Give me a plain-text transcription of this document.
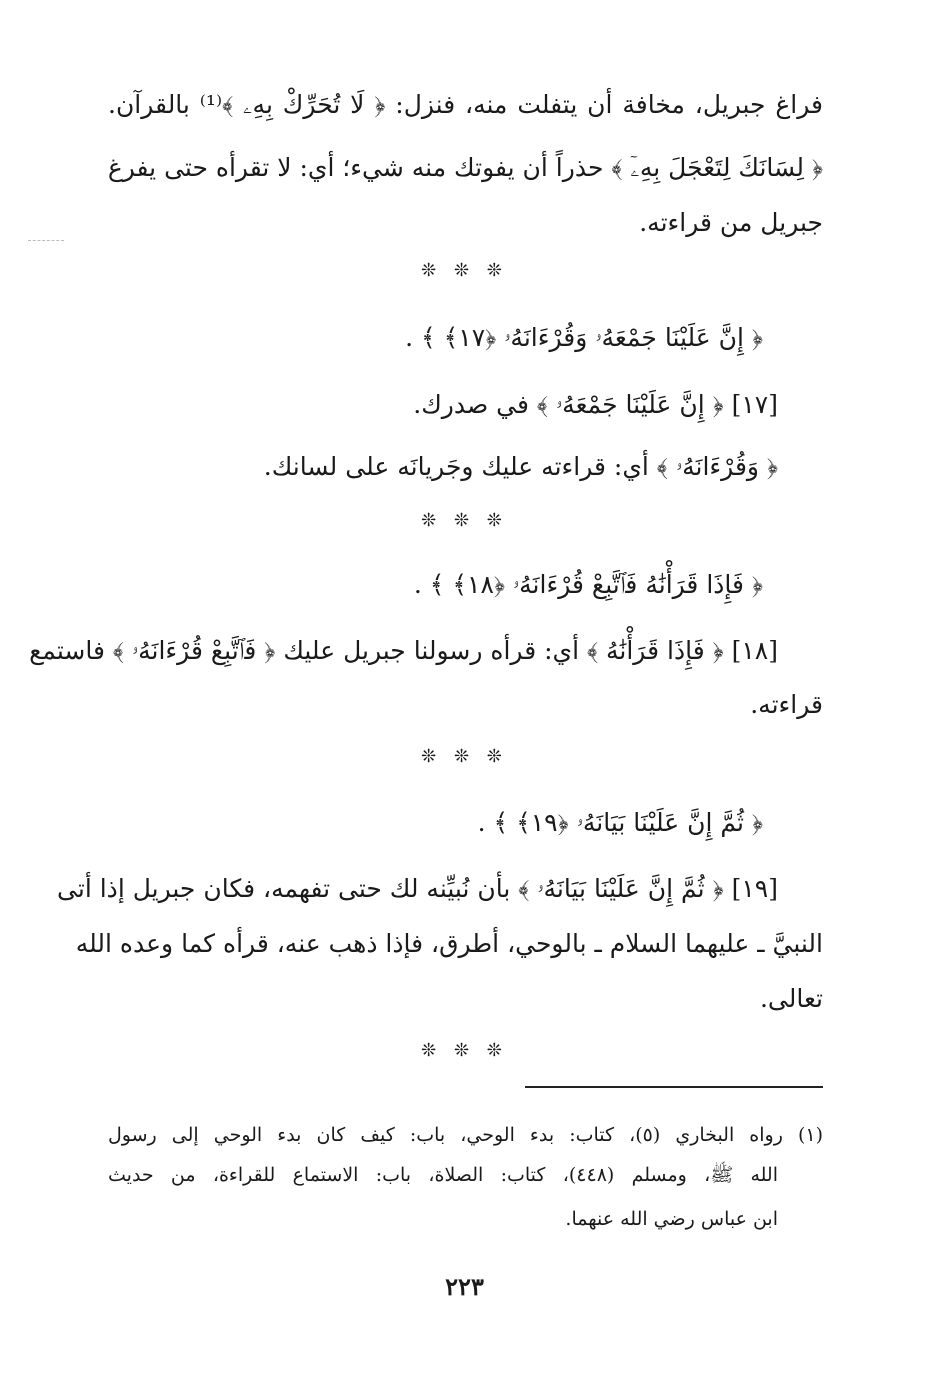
فراغ جبريل، مخافة أن يتفلت منه، فنزل: ﴿ لَا تُحَرِّكْ بِهِۦ ﴾⁽¹⁾ بالقرآن.
﴿ لِسَانَكَ لِتَعْجَلَ بِهِۦٓ ﴾ حذراً أن يفوتك منه شيء؛ أي: لا تقرأه حتى يفرغ
جبريل من قراءته.
❊ ❊ ❊
﴿ إِنَّ عَلَيْنَا جَمْعَهُۥ وَقُرْءَانَهُۥ ﴿١٧﴾ ﴾ .
[١٧] ﴿ إِنَّ عَلَيْنَا جَمْعَهُۥ ﴾ في صدرك.
﴿ وَقُرْءَانَهُۥ ﴾ أي: قراءته عليك وجَريانَه على لسانك.
❊ ❊ ❊
﴿ فَإِذَا قَرَأْنَٰهُ فَٱتَّبِعْ قُرْءَانَهُۥ ﴿١٨﴾ ﴾ .
[١٨] ﴿ فَإِذَا قَرَأْنَٰهُ ﴾ أي: قرأه رسولنا جبريل عليك ﴿ فَٱتَّبِعْ قُرْءَانَهُۥ ﴾ فاستمع
قراءته.
❊ ❊ ❊
﴿ ثُمَّ إِنَّ عَلَيْنَا بَيَانَهُۥ ﴿١٩﴾ ﴾ .
[١٩] ﴿ ثُمَّ إِنَّ عَلَيْنَا بَيَانَهُۥ ﴾ بأن نُبيِّنه لك حتى تفهمه، فكان جبريل إذا أتى
النبيَّ ـ عليهما السلام ـ بالوحي، أطرق، فإذا ذهب عنه، قرأه كما وعده الله
تعالى.
❊ ❊ ❊
(١) رواه البخاري (٥)، كتاب: بدء الوحي، باب: كيف كان بدء الوحي إلى رسول
الله ﷺ، ومسلم (٤٤٨)، كتاب: الصلاة، باب: الاستماع للقراءة، من حديث
ابن عباس رضي الله عنهما.
٢٢٣
